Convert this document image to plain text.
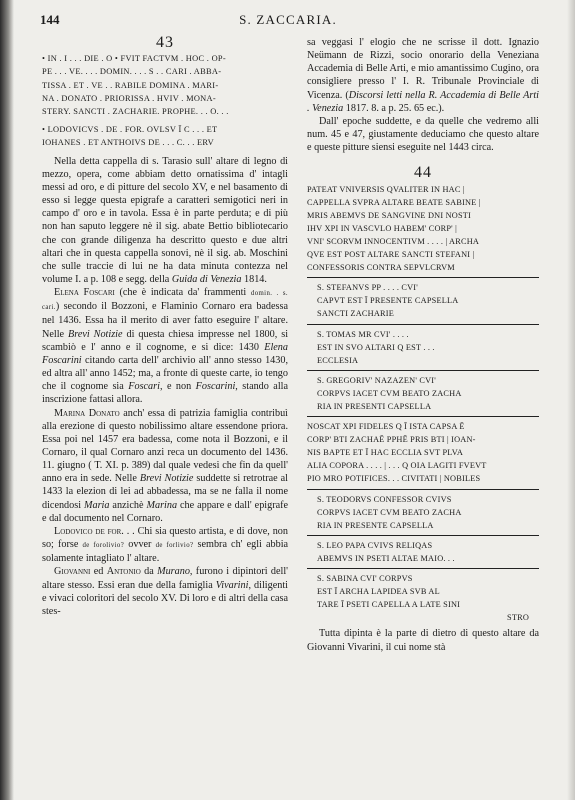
144	S. ZACCARIA.
43
• IN . I . . . DIE . O • FVIT FACTVM . HOC . OP-
PE . . . VE. . . . DOMIN. . . . S . . CARI . ABBA-
TISSA . ET . VE . . RABILE DOMINA . MARI-
NA . DONATO . PRIORISSA . HVIV . MONA-
STERY. SANCTI . ZACHARIE. PROPHE. . . O. . .
• LODOVICVS . DE . FOR. OVLSV Ī C . . . ET
IOHANES . ET ANTHOIVS DE . . . C. . . ERV

Nella detta cappella di s. Tarasio sull' altare di legno di mezzo, opera, come abbiam detto ornatissima d' intagli messi ad oro, e di pitture del secolo XV, e nel basamento di esso si legge questa epigrafe a caratteri semigotici neri in campo d' oro e in tavola. Essa è in parte perduta; e di più non han saputo leggere nè il sig. abate Bettio bibliotecario che con grande diligenza ha descritto questo e due altri altari che in questa cappella sonovi, nè il sig. ab. Moschini che sulle traccie di lui ne ha data minuta contezza nel volume I. a p. 108 e segg. della Guida di Venezia 1814.

Elena Foscari (che è indicata da' frammenti domin. . s. cari.) secondo il Bozzoni, e Flaminio Cornaro era badessa nel 1436. Essa ha il merito di aver fatto eseguire l' altare. Nelle Brevi Notizie di questa chiesa impresse nel 1800, si scambiò e l' anno e il cognome, e si dice: 1430 Elena Foscarini citando carta dell' archivio all' anno stesso 1430, ed altra all' anno 1452; ma, a fronte di queste carte, io tengo che il cognome sia Foscari, e non Foscarini, stando alla inscrizione fattasi allora.

Marina Donato anch' essa di patrizia famiglia contribuì alla erezione di questo nobilissimo altare essendone priora. Essa poi nel 1457 era badessa, come nota il Bozzoni, e il Cornaro, il qual Cornaro anzi reca un documento del 1436. 11. giugno ( T. XI. p. 389) dal quale vedesi che fin da quell' anno era in sede. Nelle Brevi Notizie suddette si retrotrae al 1433 la elezion di lei ad abbadessa, ma se ne falla il nome dicendosi Maria anzichè Marina che appare e dall' epigrafe e dal documento nel Cornaro.

Lodovico de for. . . Chi sia questo artista, e di dove, non so; forse de forolivio? ovver de forlivio? sembra ch' egli abbia solamente intagliato l' altare.

Giovanni ed Antonio da Murano, furono i dipintori dell' altare stesso. Essi eran due della famiglia Vivarini, diligenti e vivaci coloritori del secolo XV. Di loro e di altri della casa stes-

sa veggasi l' elogio che ne scrisse il dott. Ignazio Neümann de Rizzi, socio onorario della Veneziana Accademia di Belle Arti, e mio amantissimo Cugino, ora consigliere presso l' I. R. Tribunale Provinciale di Vicenza. (Discorsi letti nella R. Accademia di Belle Arti . Venezia 1817. 8. a p. 25. 65 ec.).

Dall' epoche suddette, e da quelle che vedremo alli num. 45 e 47, giustamente deduciamo che questo altare e queste pitture siensi eseguite nel 1443 circa.

44
PATEAT VNIVERSIS QVALITER IN HAC |
CAPPELLA SVPRA ALTARE BEATE SABINE |
MRIS ABEMVS DE SANGVINE DNI NOSTI
IHV XPI IN VASCVLO HABEM' CORP' |
VNI' SCORVM INNOCENTIVM . . . . | ARCHA
QVE EST POST ALTARE SANCTI STEFANI |
CONFESSORIS CONTRA SEPVLCRVM
S. STEFANVS PP . . . . CVI'
CAPVT EST Ī PRESENTE CAPSELLA
SANCTI ZACHARIE
S. TOMAS MR CVI' . . . .
EST IN SVO ALTARI Q EST . . .
ECCLESIA
S. GREGORIV' NAZAZEN' CVI'
CORPVS IACET CVM BEATO ZACHA
RIA IN PRESENTI CAPSELLA
NOSCAT XPI FIDELES Q Ī ISTA CAPSA Ē
CORP' BTI ZACHAĒ PPHĒ PRIS BTI | IOAN-
NIS BAPTE ET Ī HAC ECCLIA SVT PLVA
ALIA COPORA . . . . | . . . Q OIA LAGITI FVEVT
PIO MRO POTIFICES. . . CIVITATI | NOBILES
S. TEODORVS CONFESSOR CVIVS
CORPVS IACET CVM BEATO ZACHA
RIA IN PRESENTE CAPSELLA
S. LEO PAPA CVIVS RELIQAS
ABEMVS IN PSETI ALTAE MAIO. . .
S. SABINA CVI' CORPVS
EST Ī ARCHA LAPIDEA SVB AL
TARE Ī PSETI CAPELLA A LATE SINI
STRO

Tutta dipinta è la parte di dietro di questo altare da Giovanni Vivarini, il cui nome stà
